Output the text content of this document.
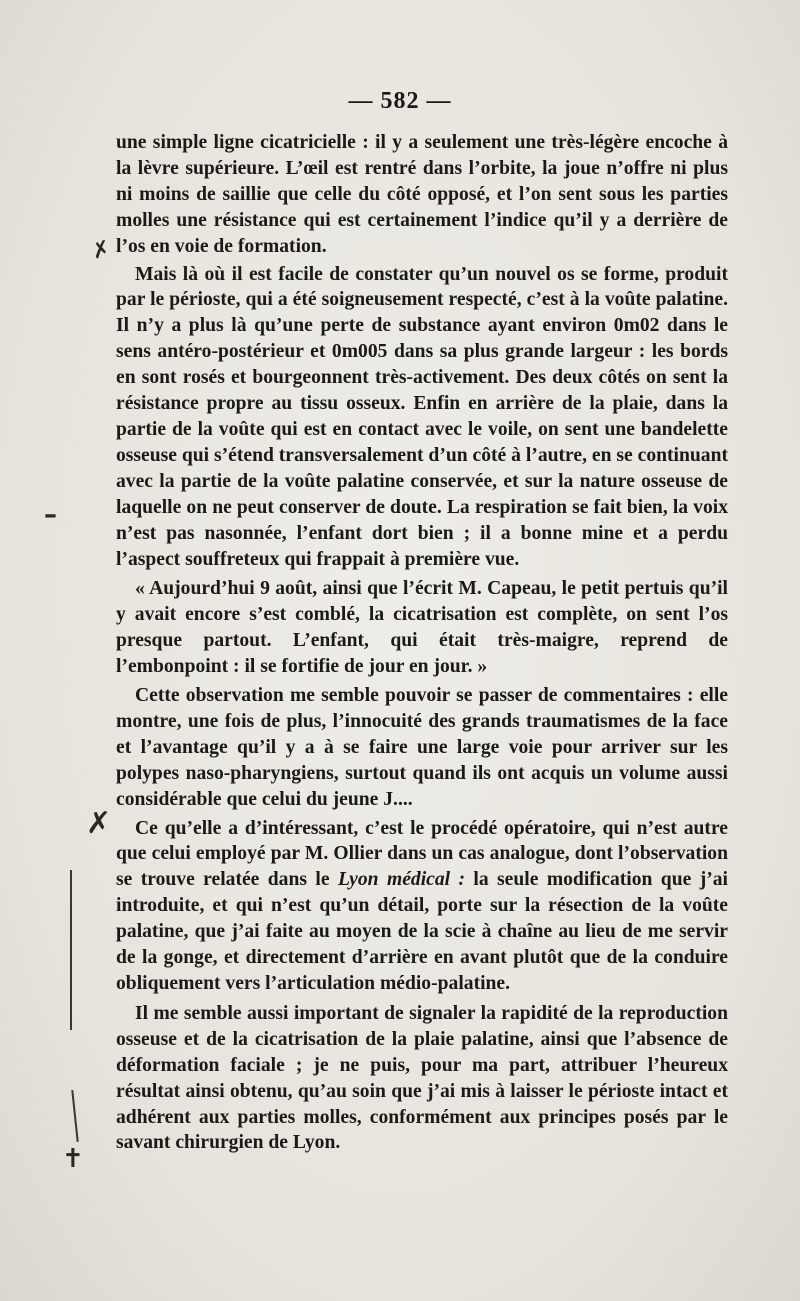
— 582 —

une simple ligne cicatricielle : il y a seulement une très-légère encoche à la lèvre supérieure. L’œil est rentré dans l’orbite, la joue n’offre ni plus ni moins de saillie que celle du côté opposé, et l’on sent sous les parties molles une résistance qui est certainement l’indice qu’il y a derrière de l’os en voie de formation.

Mais là où il est facile de constater qu’un nouvel os se forme, produit par le périoste, qui a été soigneusement respecté, c’est à la voûte palatine. Il n’y a plus là qu’une perte de substance ayant environ 0m02 dans le sens antéro-postérieur et 0m005 dans sa plus grande largeur : les bords en sont rosés et bourgeonnent très-activement. Des deux côtés on sent la résistance propre au tissu osseux. Enfin en arrière de la plaie, dans la partie de la voûte qui est en contact avec le voile, on sent une bandelette osseuse qui s’étend transversalement d’un côté à l’autre, en se continuant avec la partie de la voûte palatine conservée, et sur la nature osseuse de laquelle on ne peut conserver de doute. La respiration se fait bien, la voix n’est pas nasonnée, l’enfant dort bien ; il a bonne mine et a perdu l’aspect souffreteux qui frappait à première vue.

« Aujourd’hui 9 août, ainsi que l’écrit M. Capeau, le petit pertuis qu’il y avait encore s’est comblé, la cicatrisation est complète, on sent l’os presque partout. L’enfant, qui était très-maigre, reprend de l’embonpoint : il se fortifie de jour en jour. »

Cette observation me semble pouvoir se passer de commentaires : elle montre, une fois de plus, l’innocuité des grands traumatismes de la face et l’avantage qu’il y a à se faire une large voie pour arriver sur les polypes naso-pharyngiens, surtout quand ils ont acquis un volume aussi considérable que celui du jeune J....

Ce qu’elle a d’intéressant, c’est le procédé opératoire, qui n’est autre que celui employé par M. Ollier dans un cas analogue, dont l’observation se trouve relatée dans le Lyon médical : la seule modification que j’ai introduite, et qui n’est qu’un détail, porte sur la résection de la voûte palatine, que j’ai faite au moyen de la scie à chaîne au lieu de me servir de la gonge, et directement d’arrière en avant plutôt que de la conduire obliquement vers l’articulation médio-palatine.

Il me semble aussi important de signaler la rapidité de la reproduction osseuse et de la cicatrisation de la plaie palatine, ainsi que l’absence de déformation faciale ; je ne puis, pour ma part, attribuer l’heureux résultat ainsi obtenu, qu’au soin que j’ai mis à laisser le périoste intact et adhérent aux parties molles, conformément aux principes posés par le savant chirurgien de Lyon.

✗
–
✗
✝
